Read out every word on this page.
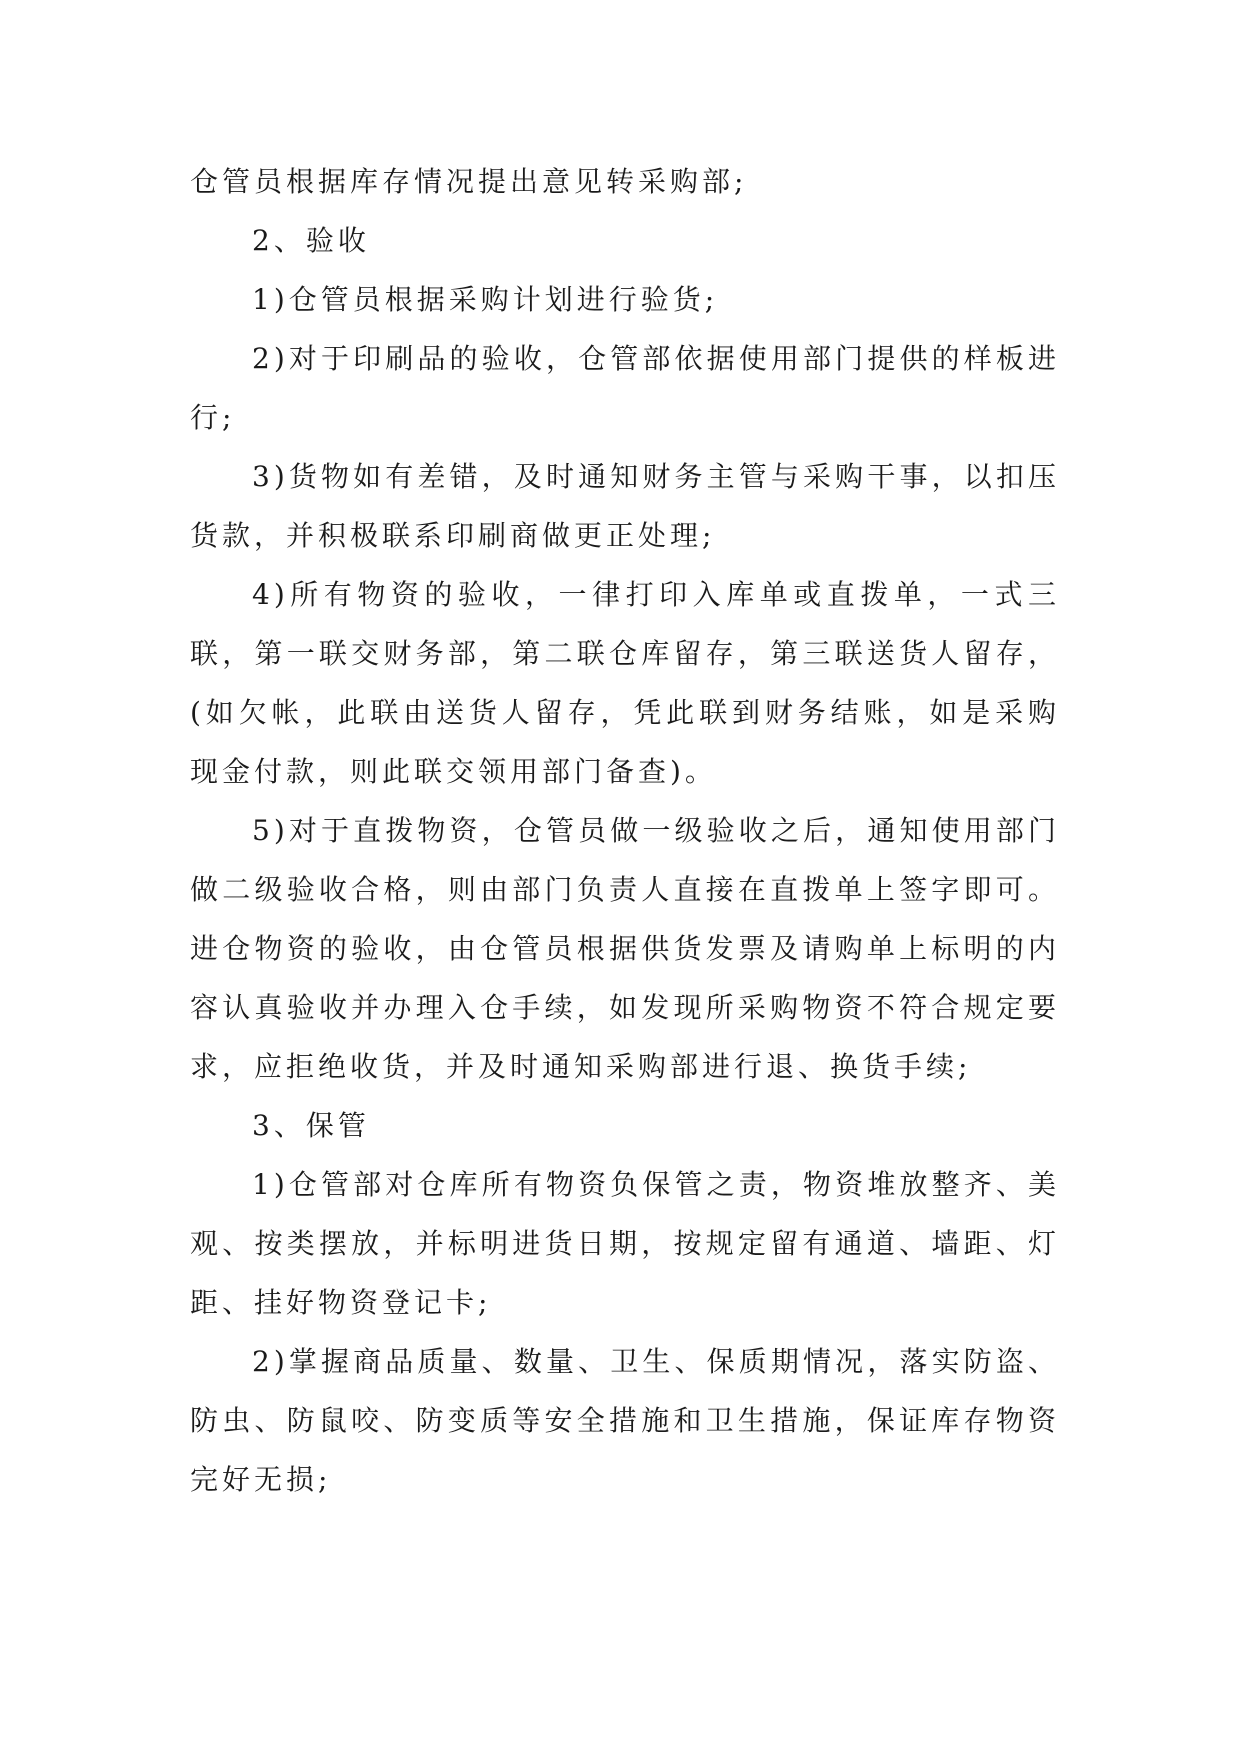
仓管员根据库存情况提出意见转采购部;

2、验收

1)仓管员根据采购计划进行验货;

2)对于印刷品的验收，仓管部依据使用部门提供的样板进行;

3)货物如有差错，及时通知财务主管与采购干事，以扣压货款，并积极联系印刷商做更正处理;

4)所有物资的验收，一律打印入库单或直拨单，一式三联，第一联交财务部，第二联仓库留存，第三联送货人留存，(如欠帐，此联由送货人留存，凭此联到财务结账，如是采购现金付款，则此联交领用部门备查)。

5)对于直拨物资，仓管员做一级验收之后，通知使用部门做二级验收合格，则由部门负责人直接在直拨单上签字即可。进仓物资的验收，由仓管员根据供货发票及请购单上标明的内容认真验收并办理入仓手续，如发现所采购物资不符合规定要求，应拒绝收货，并及时通知采购部进行退、换货手续;

3、保管

1)仓管部对仓库所有物资负保管之责，物资堆放整齐、美观、按类摆放，并标明进货日期，按规定留有通道、墙距、灯距、挂好物资登记卡;

2)掌握商品质量、数量、卫生、保质期情况，落实防盗、防虫、防鼠咬、防变质等安全措施和卫生措施，保证库存物资完好无损;
